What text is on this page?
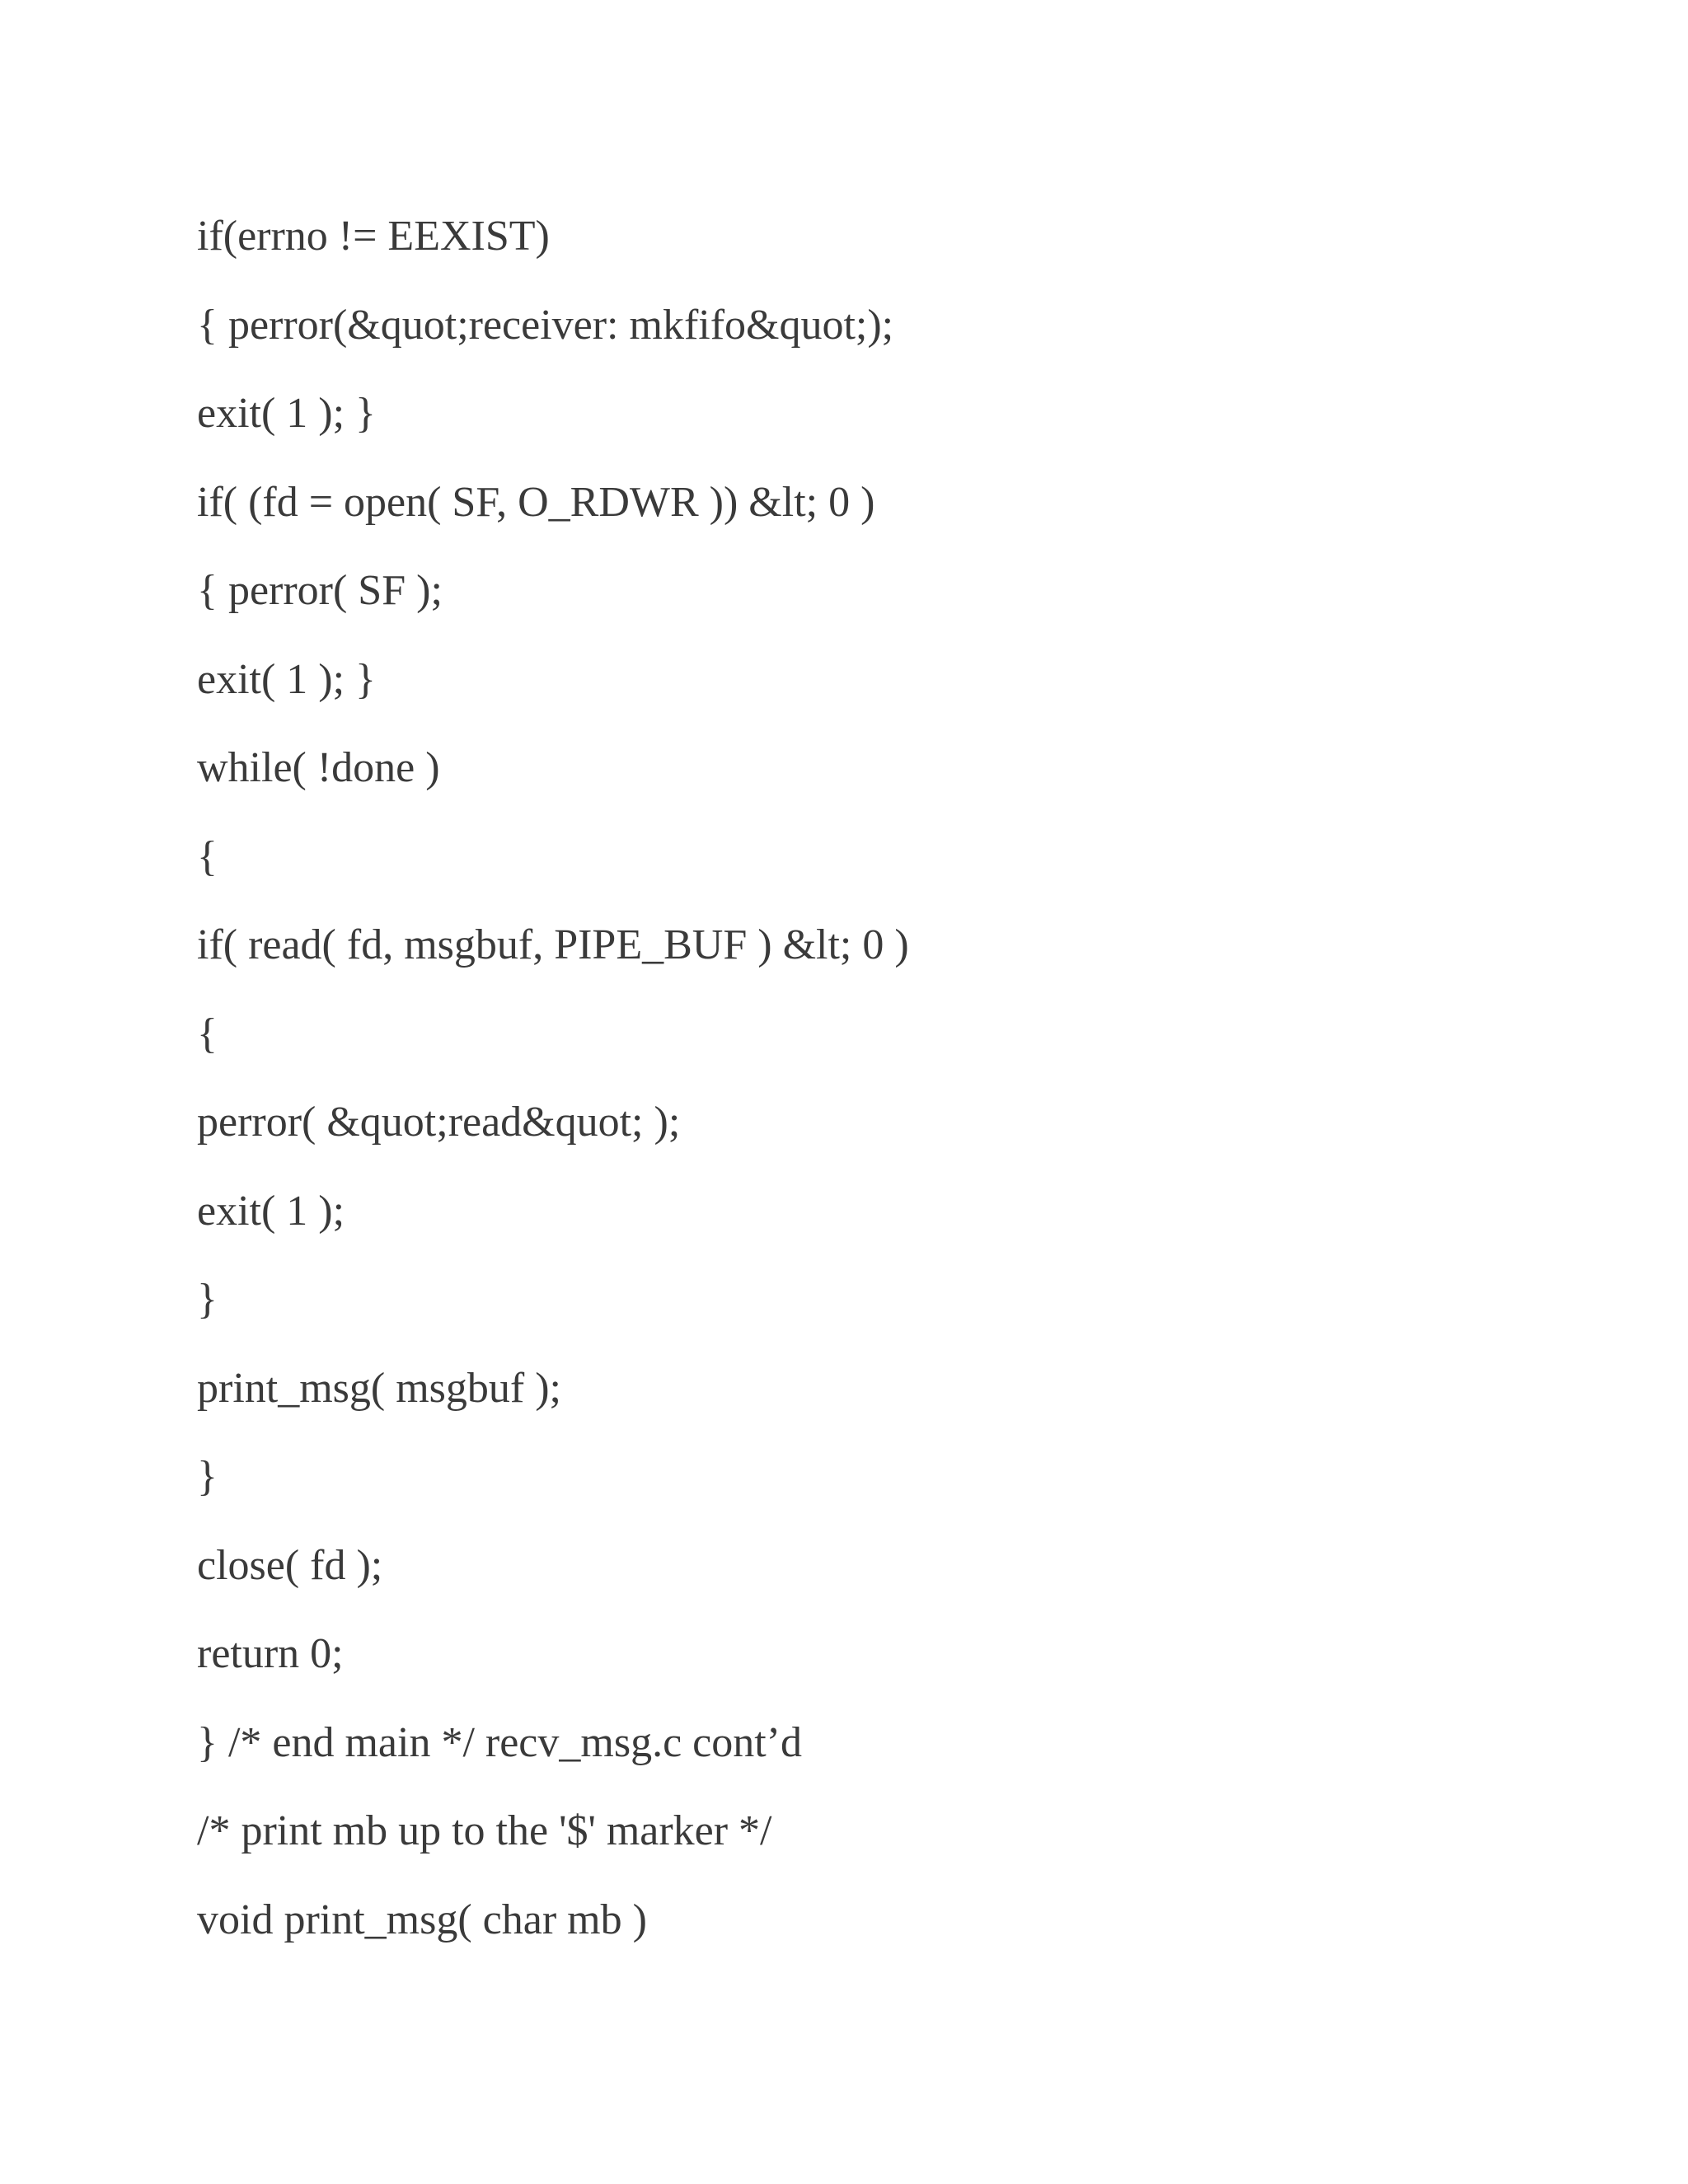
if(errno != EEXIST)
{ perror(&quot;receiver: mkfifo&quot;);
exit( 1 ); }
if( (fd = open( SF, O_RDWR )) &lt; 0 )
{ perror( SF );
exit( 1 ); }
while( !done )
{
if( read( fd, msgbuf, PIPE_BUF ) &lt; 0 )
{
perror( &quot;read&quot; );
exit( 1 );
}
print_msg( msgbuf );
}
close( fd );
return 0;
} /* end main */ recv_msg.c cont’d
/* print mb up to the '$' marker */
void print_msg( char mb )
